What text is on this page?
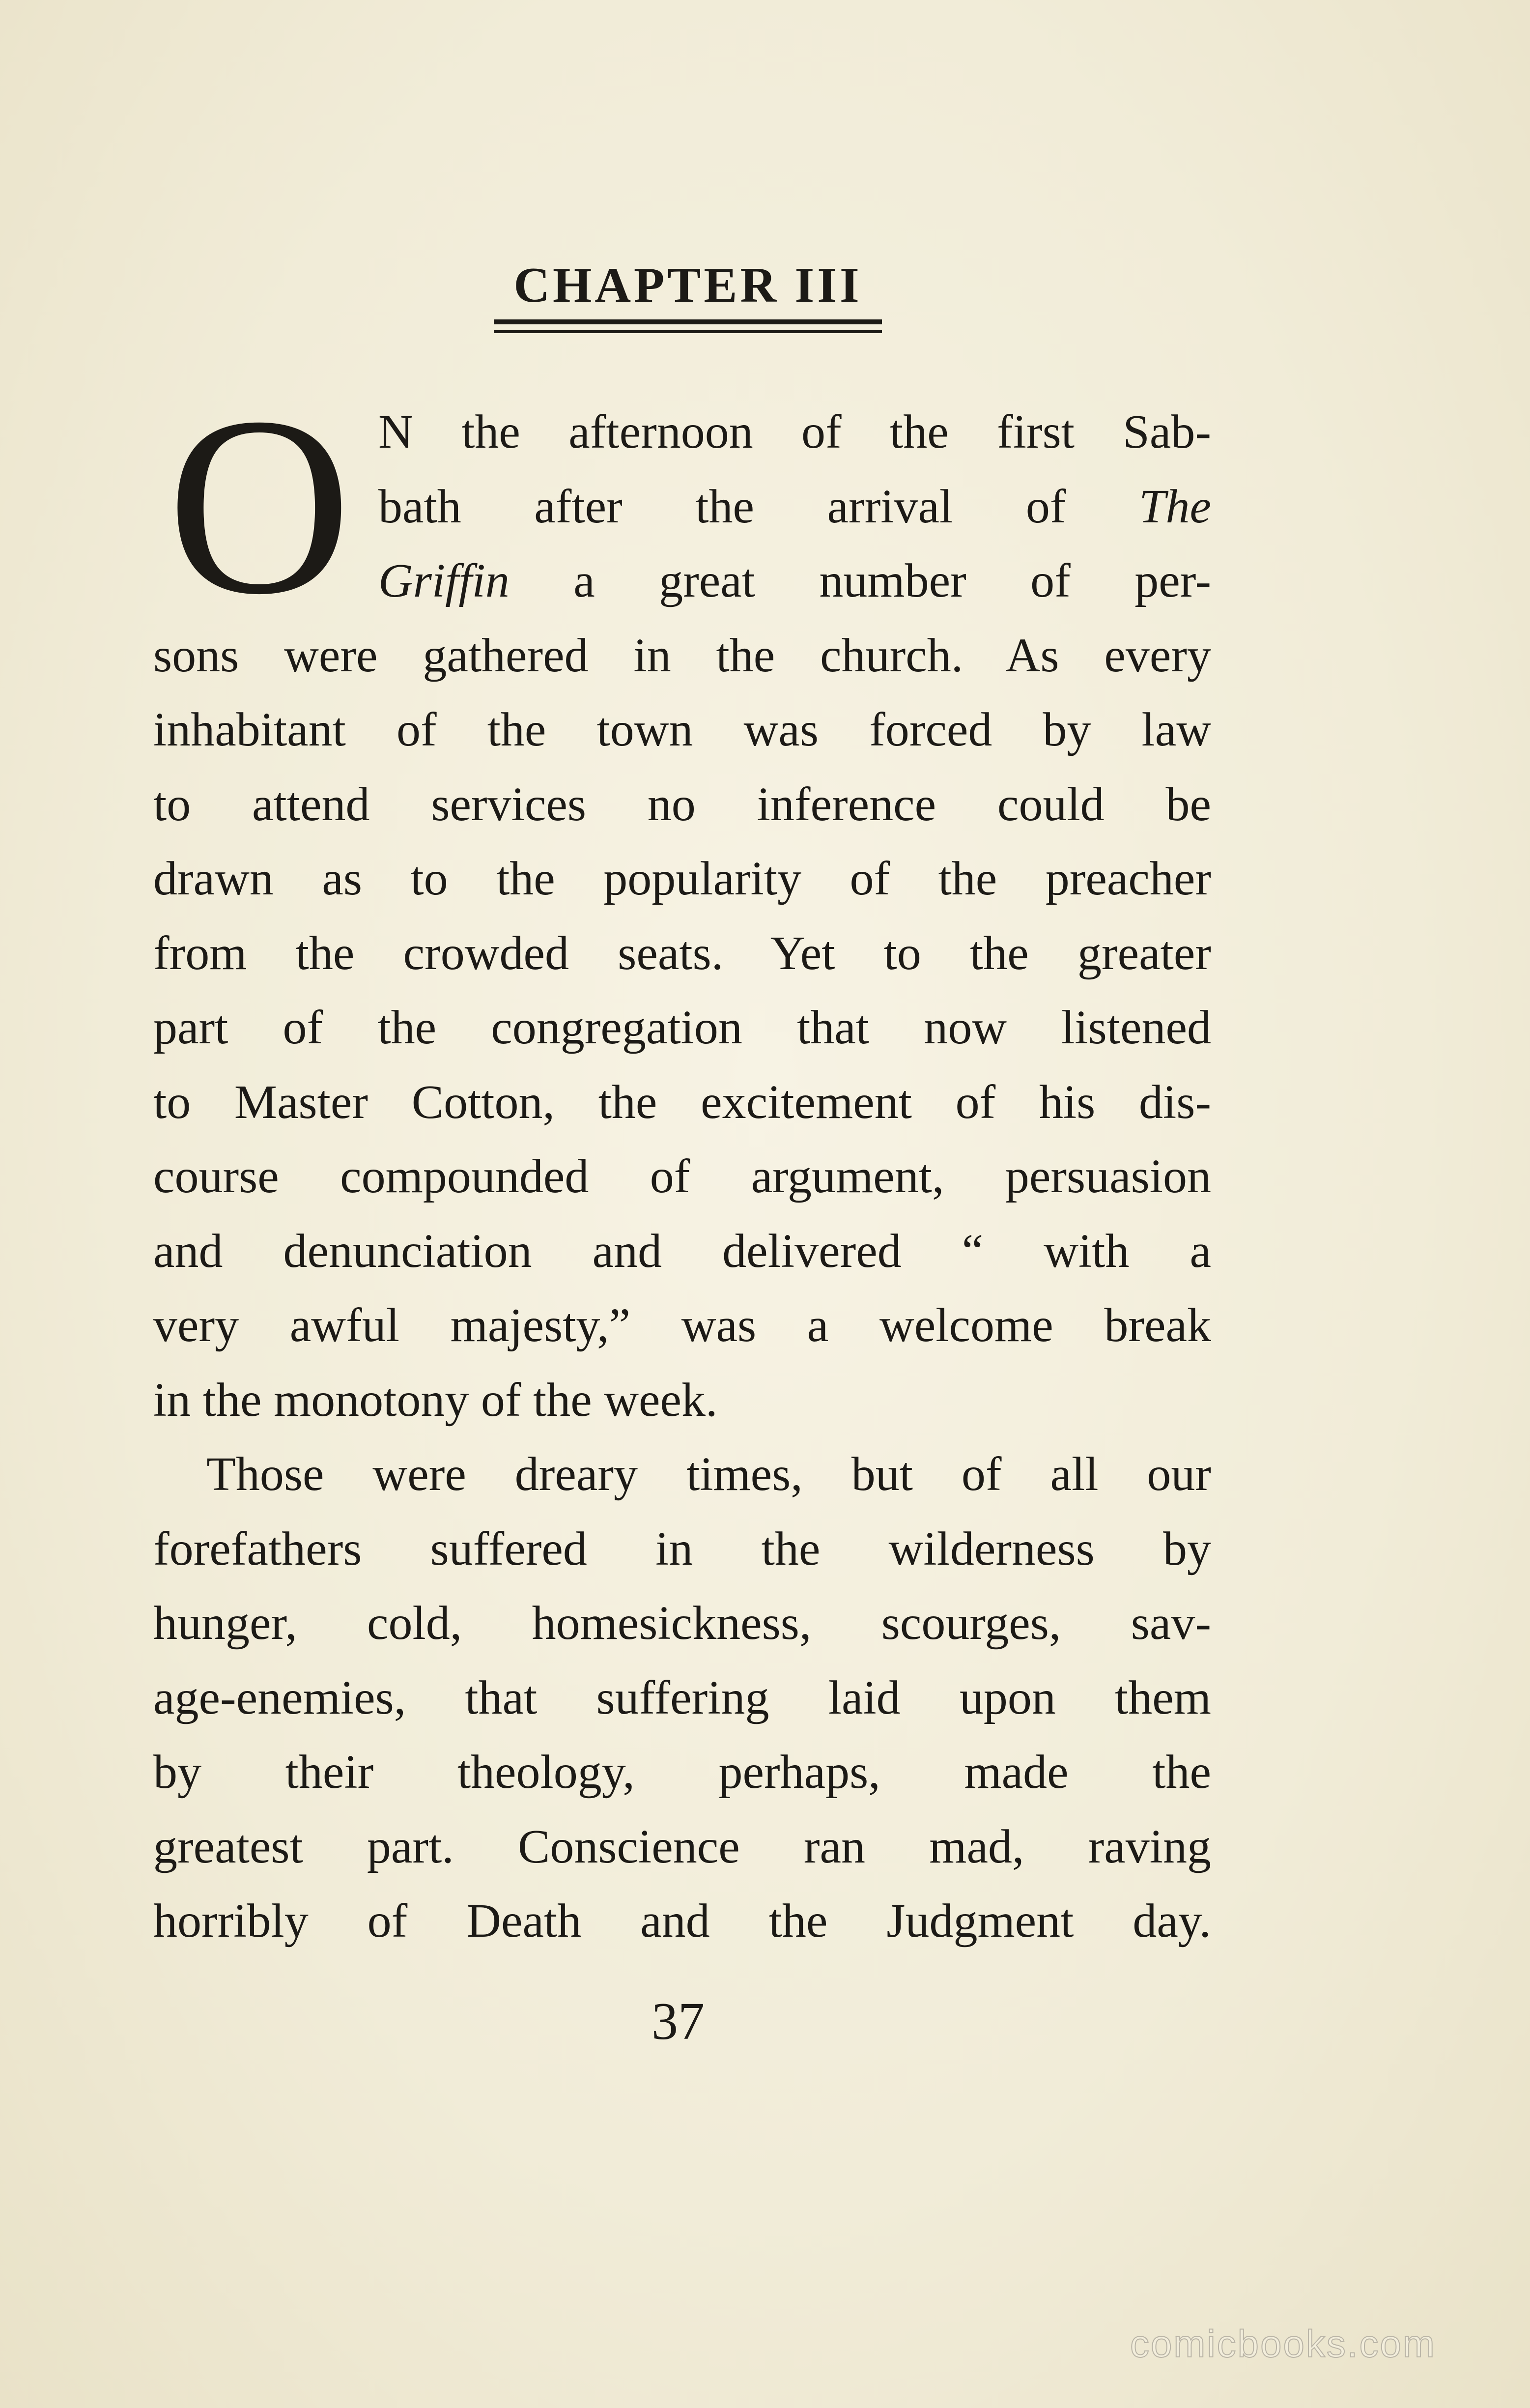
CHAPTER III
O N the afternoon of the first Sab-
bath after the arrival of The
Griffin a great number of per-
sons were gathered in the church. As every
inhabitant of the town was forced by law
to attend services no inference could be
drawn as to the popularity of the preacher
from the crowded seats. Yet to the greater
part of the congregation that now listened
to Master Cotton, the excitement of his dis-
course compounded of argument, persuasion
and denunciation and delivered “ with a
very awful majesty,” was a welcome break
in the monotony of the week.
Those were dreary times, but of all our
forefathers suffered in the wilderness by
hunger, cold, homesickness, scourges, sav-
age-enemies, that suffering laid upon them
by their theology, perhaps, made the
greatest part. Conscience ran mad, raving
horribly of Death and the Judgment day.
37
comicbooks.com
